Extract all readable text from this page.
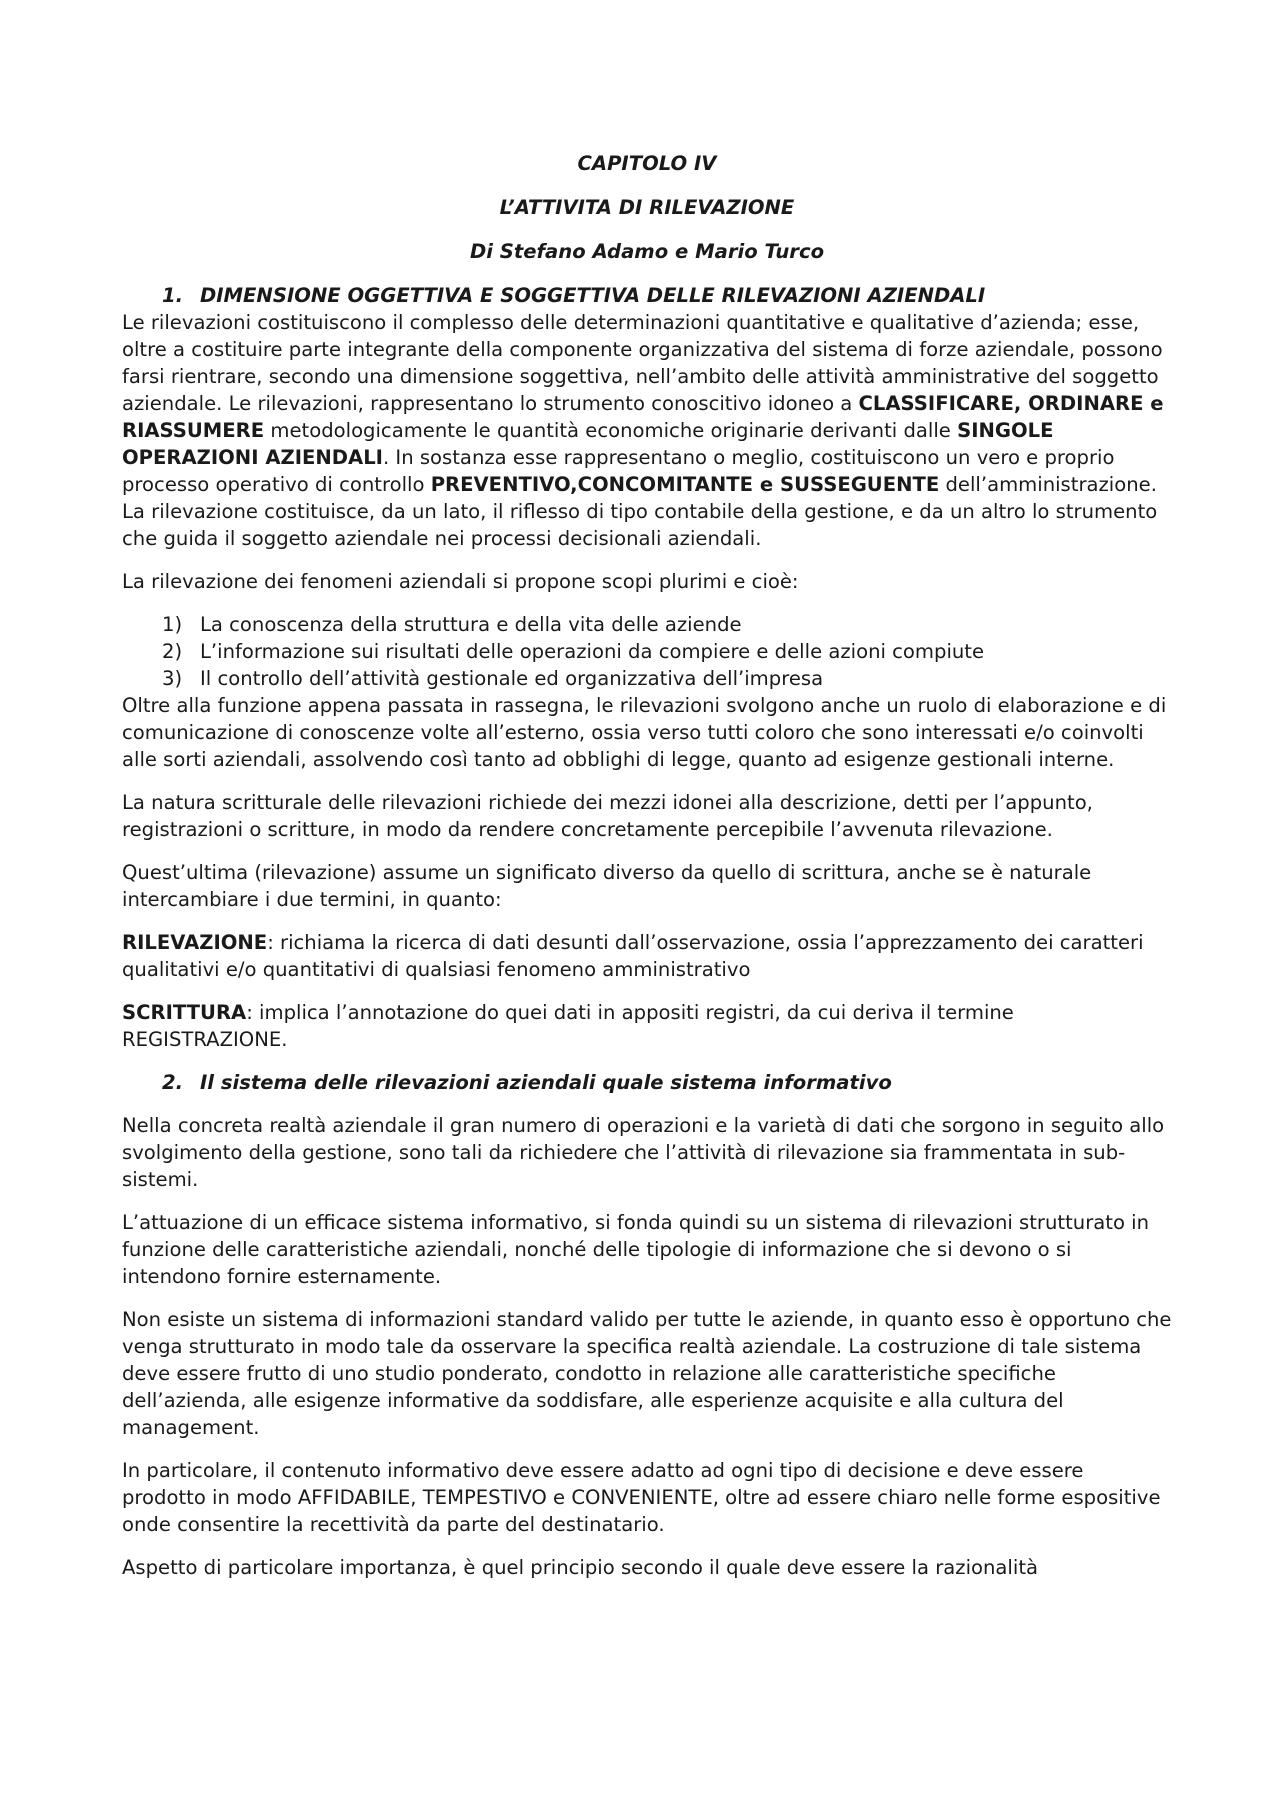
CAPITOLO IV

L’ATTIVITA DI RILEVAZIONE

Di Stefano Adamo e Mario Turco

1. DIMENSIONE OGGETTIVA E SOGGETTIVA DELLE RILEVAZIONI AZIENDALI

Le rilevazioni costituiscono il complesso delle determinazioni quantitative e qualitative d’azienda; esse, oltre a costituire parte integrante della componente organizzativa del sistema di forze aziendale, possono farsi rientrare, secondo una dimensione soggettiva, nell’ambito delle attività amministrative del soggetto aziendale. Le rilevazioni, rappresentano lo strumento conoscitivo idoneo a CLASSIFICARE, ORDINARE e RIASSUMERE metodologicamente le quantità economiche originarie derivanti dalle SINGOLE OPERAZIONI AZIENDALI. In sostanza esse rappresentano o meglio, costituiscono un vero e proprio processo operativo di controllo PREVENTIVO,CONCOMITANTE e SUSSEGUENTE dell’amministrazione. La rilevazione costituisce, da un lato, il riflesso di tipo contabile della gestione, e da un altro lo strumento che guida il soggetto aziendale nei processi decisionali aziendali.

La rilevazione dei fenomeni aziendali si propone scopi plurimi e cioè:

1) La conoscenza della struttura e della vita delle aziende
2) L’informazione sui risultati delle operazioni da compiere e delle azioni compiute
3) Il controllo dell’attività gestionale ed organizzativa dell’impresa

Oltre alla funzione appena passata in rassegna, le rilevazioni svolgono anche un ruolo di elaborazione e di comunicazione di conoscenze volte all’esterno, ossia verso tutti coloro che sono interessati e/o coinvolti alle sorti aziendali, assolvendo così tanto ad obblighi di legge, quanto ad esigenze gestionali interne.

La natura scritturale delle rilevazioni richiede dei mezzi idonei alla descrizione, detti per l’appunto, registrazioni o scritture, in modo da rendere concretamente percepibile l’avvenuta rilevazione.

Quest’ultima (rilevazione) assume un significato diverso da quello di scrittura, anche se è naturale intercambiare i due termini, in quanto:

RILEVAZIONE: richiama la ricerca di dati desunti dall’osservazione, ossia l’apprezzamento dei caratteri qualitativi e/o quantitativi di qualsiasi fenomeno amministrativo

SCRITTURA: implica l’annotazione do quei dati in appositi registri, da cui deriva il termine REGISTRAZIONE.

2. Il sistema delle rilevazioni aziendali quale sistema informativo

Nella concreta realtà aziendale il gran numero di operazioni e la varietà di dati che sorgono in seguito allo svolgimento della gestione, sono tali da richiedere che l’attività di rilevazione sia frammentata in sub-sistemi.

L’attuazione di un efficace sistema informativo, si fonda quindi su un sistema di rilevazioni strutturato in funzione delle caratteristiche aziendali, nonché delle tipologie di informazione che si devono o si intendono fornire esternamente.

Non esiste un sistema di informazioni standard valido per tutte le aziende, in quanto esso è opportuno che venga strutturato in modo tale da osservare la specifica realtà aziendale. La costruzione di tale sistema deve essere frutto di uno studio ponderato, condotto in relazione alle caratteristiche specifiche dell’azienda, alle esigenze informative da soddisfare, alle esperienze acquisite e alla cultura del management.

In particolare, il contenuto informativo deve essere adatto ad ogni tipo di decisione e deve essere prodotto in modo AFFIDABILE, TEMPESTIVO e CONVENIENTE, oltre ad essere chiaro nelle forme espositive onde consentire la recettività da parte del destinatario.

Aspetto di particolare importanza, è quel principio secondo il quale deve essere la razionalità
